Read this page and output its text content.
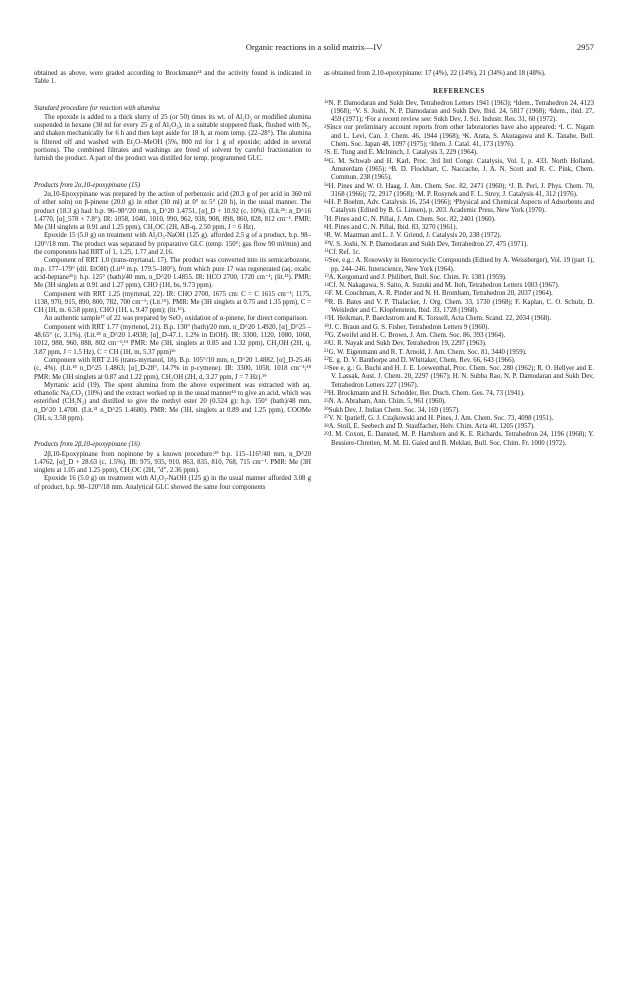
Organic reactions in a solid matrix—IV	2957

obtained as above, were graded according to Brockmann²⁴ and the activity found is indicated in Table 1.

Standard procedure for reaction with alumina

The epoxide is added to a thick slurry of 25 (or 50) times its wt. of Al₂O₃ or modified alumina suspended in hexane (30 ml for every 25 g of Al₂O₃), in a suitable stoppered flask, flushed with N₂, and shaken mechanically for 6 h and then kept aside for 18 h, at room temp. (22–28°). The alumina is filtered off and washed with Et₂O–MeOH (5%, 800 ml for 1 g of epoxide; added in several portions). The combined filtrates and washings are freed of solvent by careful fractionation to furnish the product. A part of the product was distilled for temp. programmed GLC.

Products from 2α,10-epoxypinane (15)

2α,10-Epoxypinane was prepared by the action of perbenzoic acid (20.3 g of per acid in 360 ml of ether soln) on β-pinene (20.0 g) in ether (30 ml) at 0° to 5° (20 h), in the usual manner. The product (18.3 g) had: b.p. 96–98°/20 mm, n_D^20 1.4751, [α]_D + 10.92 (c, 10%). (Lit.²⁵: n_D^16 1.4770, [α]_578 + 7.8°). IR: 1058, 1040, 1010, 990, 962, 938, 908, 898, 860, 828, 812 cm⁻¹. PMR: Me (3H singlets at 0.91 and 1.25 ppm), CH₂OC (2H, AB-q, 2.50 ppm, J = 6 Hz).

Epoxide 15 (5.0 g) on treatment with Al₂O₃-NaOH (125 g). afforded 2.5 g of a product, b.p. 98–120°/18 mm. The product was separated by preparative GLC (temp. 150°; gas flow 90 ml/min) and the components had RRT of 1, 1.25, 1.77 and 2.16.

Component of RRT 1.0 (trans-myrtanal, 17). The product was converted into its semicarbozone, m.p. 177–179° (dil. EtOH) (Lit¹³ m.p. 179.5–180°), from which pure 17 was regenerated (aq. oxalic acid-heptane²⁶): b.p. 125° (bath)/40 mm, n_D^20 1.4855. IR: HCO 2700, 1720 cm⁻¹; (lit.¹³). PMR: Me (3H singlets at 0.91 and 1.27 ppm), CHO (1H, bs, 9.73 ppm).

Component with RRT 1.25 (myrtenal, 22). IR: CHO 2700, 1675 cm: C = C 1615 cm⁻¹; 1175, 1138, 970, 915, 890, 800, 782, 700 cm⁻¹; (Lit.¹⁵). PMR: Me (3H singlets at 0.75 and 1.35 ppm), C = CH (1H, m. 6.58 ppm), CHO (1H, s, 9.47 ppm); (lit.¹⁶).

An authentic sample¹⁷ of 22 was prepared by SeO₂ oxidation of α-pinene, for direct comparison.

Component with RRT 1.77 (myrtenol, 21). B.p. 130° (bath)/20 mm, n_D^20 1.4920, [α]_D^25 – 48.65° (c, 3.1%). (Lit.²⁸ n_D^20 1.4938; [α]_D-47.1, 1.2% in EtOH). IR: 3300, 1120, 1080, 1060, 1012, 988, 960, 888, 802 cm⁻¹;¹⁵ PMR: Me (3H, singlets at 0.85 and 1.32 ppm), CH₂OH (2H, q, 3.87 ppm, J = 1.5 Hz), C = CH (1H, m, 5.37 ppm)¹⁶

Component with RRT 2.16 (trans-myrtanol, 18). B.p. 105°/10 mm, n_D^20 1.4882, [α]_D-25.46 (c, 4%). (Lit.¹⁸ n_D^25 1.4863; [α]_D-28°, 14.7% in p-cymene). IR: 3300, 1058, 1018 cm⁻¹;¹⁸ PMR: Me (3H singlets at 0.87 and 1.22 ppm), CH₂OH (2H, d, 3.27 ppm, J = 7 Hz).¹⁹

Myrtanic acid (19). The spent alumina from the above experiment was extracted with aq. ethanolic Na₂CO₃ (10%) and the extract worked up in the usual manner¹⁴ to give an acid, which was esterified (CH₂N₂) and distilled to give the methyl ester 20 (0.524 g): b.p. 150° (bath)/48 mm, n_D^20 1.4700. (Lit.²¹ n_D^25 1.4680). PMR: Me (3H, singlets at 0.89 and 1.25 ppm), COOMe (3H, s, 3.58 ppm).

Products from 2β,10-epoxypinane (16)

2β,10-Epoxypinane from nopinone by a known procedure:²⁹ b.p. 115–116°/40 mm, n_D^20 1.4762, [α]_D + 28.63 (c, 1.5%). IR: 975, 935, 910, 863, 835, 810, 768, 715 cm⁻¹. PMR: Me (3H singlets at 1.05 and 1.25 ppm), CH₂OC (2H, "d", 2.36 ppm).

Epoxide 16 (5.0 g) on treatment with Al₂O₃-NaOH (125 g) in the usual manner afforded 3.08 g of product, b.p. 98–120°/18 mm. Analytical GLC showed the same four components

as obtained from 2,10-epoxypinane: 17 (4%), 22 (14%), 21 (34%) and 18 (48%).

REFERENCES

$^{1a}$N. P. Damodaran and Sukh Dev, Tetrahedron Letters 1941 (1963); ᵇIdem., Tetrahedron 24, 4123 (1968); ᶜV. S. Joshi, N. P. Damodaran and Sukh Dev, Ibid. 24, 5817 (1968); ᵈIdem., ibid. 27, 459 (1971); ᵉFor a recent review see: Sukh Dev, J. Sci. Industr. Res. 31, 60 (1972).

$^2$Since our preliminary account reports from other laboratories have also appeared: ᵃI. C. Nigam and L. Levi, Can. J. Chem. 46, 1944 (1968); ᵇK. Arata, S. Akutagawa and K. Tanabe, Bull. Chem. Soc. Japan 48, 1097 (1975); ᶜIdem. J. Catal. 41, 173 (1976).

$^3$S. E. Tung and E. McIninch, J. Catalysis 3, 229 (1964).

$^{4a}$G. M. Schwab and H. Karl, Proc. 3rd Intl Congr. Catalysis, Vol. I, p. 433. North Holland, Amsterdam (1965); ᵇB. D. Flockhart, C. Naccache, J. A. N. Scott and R. C. Pink, Chem. Commun. 238 (1965).

$^{5a}$H. Pines and W. O. Haag, J. Am. Chem. Soc. 82, 2471 (1960); ᵇJ. B. Peri, J. Phys. Chem. 70, 3168 (1966); 72, 2917 (1968); ᶜM. P. Rosynek and F. L. Strey, J. Catalysis 41, 312 (1976).

$^{6a}$H. P. Boehm, Adv. Catalysis 16, 254 (1966); ᵇPhysical and Chemical Aspects of Adsorbents and Catalysts (Edited by B. G. Linsen), p. 203. Academic Press, New York (1970).

$^7$H. Pines and C. N. Pillai, J. Am. Chem. Soc. 82, 2401 (1960).

$^8$H. Pines and C. N. Pillai, Ibid. 83, 3270 (1961).

$^9$R. W. Maatman and L. J. V. Griend, J. Catalysis 20, 238 (1972).

$^{10}$V. S. Joshi, N. P. Damodaran and Sukh Dev, Tetrahedron 27, 475 (1971).

$^{11}$Cf. Ref. 1c.

$^{12}$See, e.g.: A. Rosowsky in Heterocyclic Compounds (Edited by A. Weissberger), Vol. 19 (part 1), pp. 244–246. Interscience, New York (1964).

$^{13}$A. Kergomard and J. Philibert, Bull. Soc. Chim. Fr. 1381 (1959).

$^{14}$Cf. N. Nakagawa, S. Saito, A. Suzuki and M. Itoh, Tetrahedron Letters 1003 (1967).

$^{15}$F. M. Couchman, A. R. Pinder and N. H. Bromham, Tetrahedron 20, 2037 (1964).

$^{16}$R. B. Bates and V. P. Thalacker, J. Org. Chem. 33, 1730 (1968); F. Kaplan, C. O. Schulz, D. Weisleder and C. Klopfenstein, Ibid. 33, 1728 (1968).

$^{17}$H. Heikman, P. Baeckstrom and K. Torssell, Acta Chem. Scand. 22, 2034 (1968).

$^{18}$J. C. Braun and G. S. Fisher, Tetrahedron Letters 9 (1960).

$^{19}$G. Zweifel and H. C. Brown, J. Am. Chem. Soc. 86, 393 (1964).

$^{20}$U. R. Nayak and Sukh Dev, Tetrahedron 19, 2297 (1963).

$^{21}$G. W. Eigenmann and R. T. Arnold, J. Am. Chem. Soc. 81, 3440 (1959).

$^{22}$E. g. D. V. Banthorpe and D. Whittaker, Chem. Rev. 66, 643 (1966).

$^{23}$See e. g.: G. Buchi and H. J. E. Loewenthal, Proc. Chem. Soc. 280 (1962); R. O. Hellyer and E. V. Lassak, Aust. J. Chem. 20, 2297 (1967); H. N. Subba Rao, N. P. Damodaran and Sukh Dev, Tetrahedron Letters 227 (1967).

$^{24}$H. Brockmann and H. Schodder, Ber. Dtsch. Chem. Ges. 74, 73 (1941).

$^{25}$N. A. Abraham, Ann. Chim. 5, 961 (1960).

$^{26}$Sukh Dev, J. Indian Chem. Soc. 34, 169 (1957).

$^{27}$V. N. Ipatieff, G. J. Czajkowski and H. Pines, J. Am. Chem. Soc. 73, 4098 (1951).

$^{28}$A. Stoll, E. Seebech and D. Stauffacher, Helv. Chim. Acta 40, 1205 (1957).

$^{29}$J. M. Coxon, E. Dansted, M. P. Hartshorn and K. E. Richards, Tetrahedron 24, 1196 (1968); Y. Bessiere-Chretien, M. M. El. Gaied and B. Meklati, Bull. Soc. Chim. Fr. 1000 (1972).
